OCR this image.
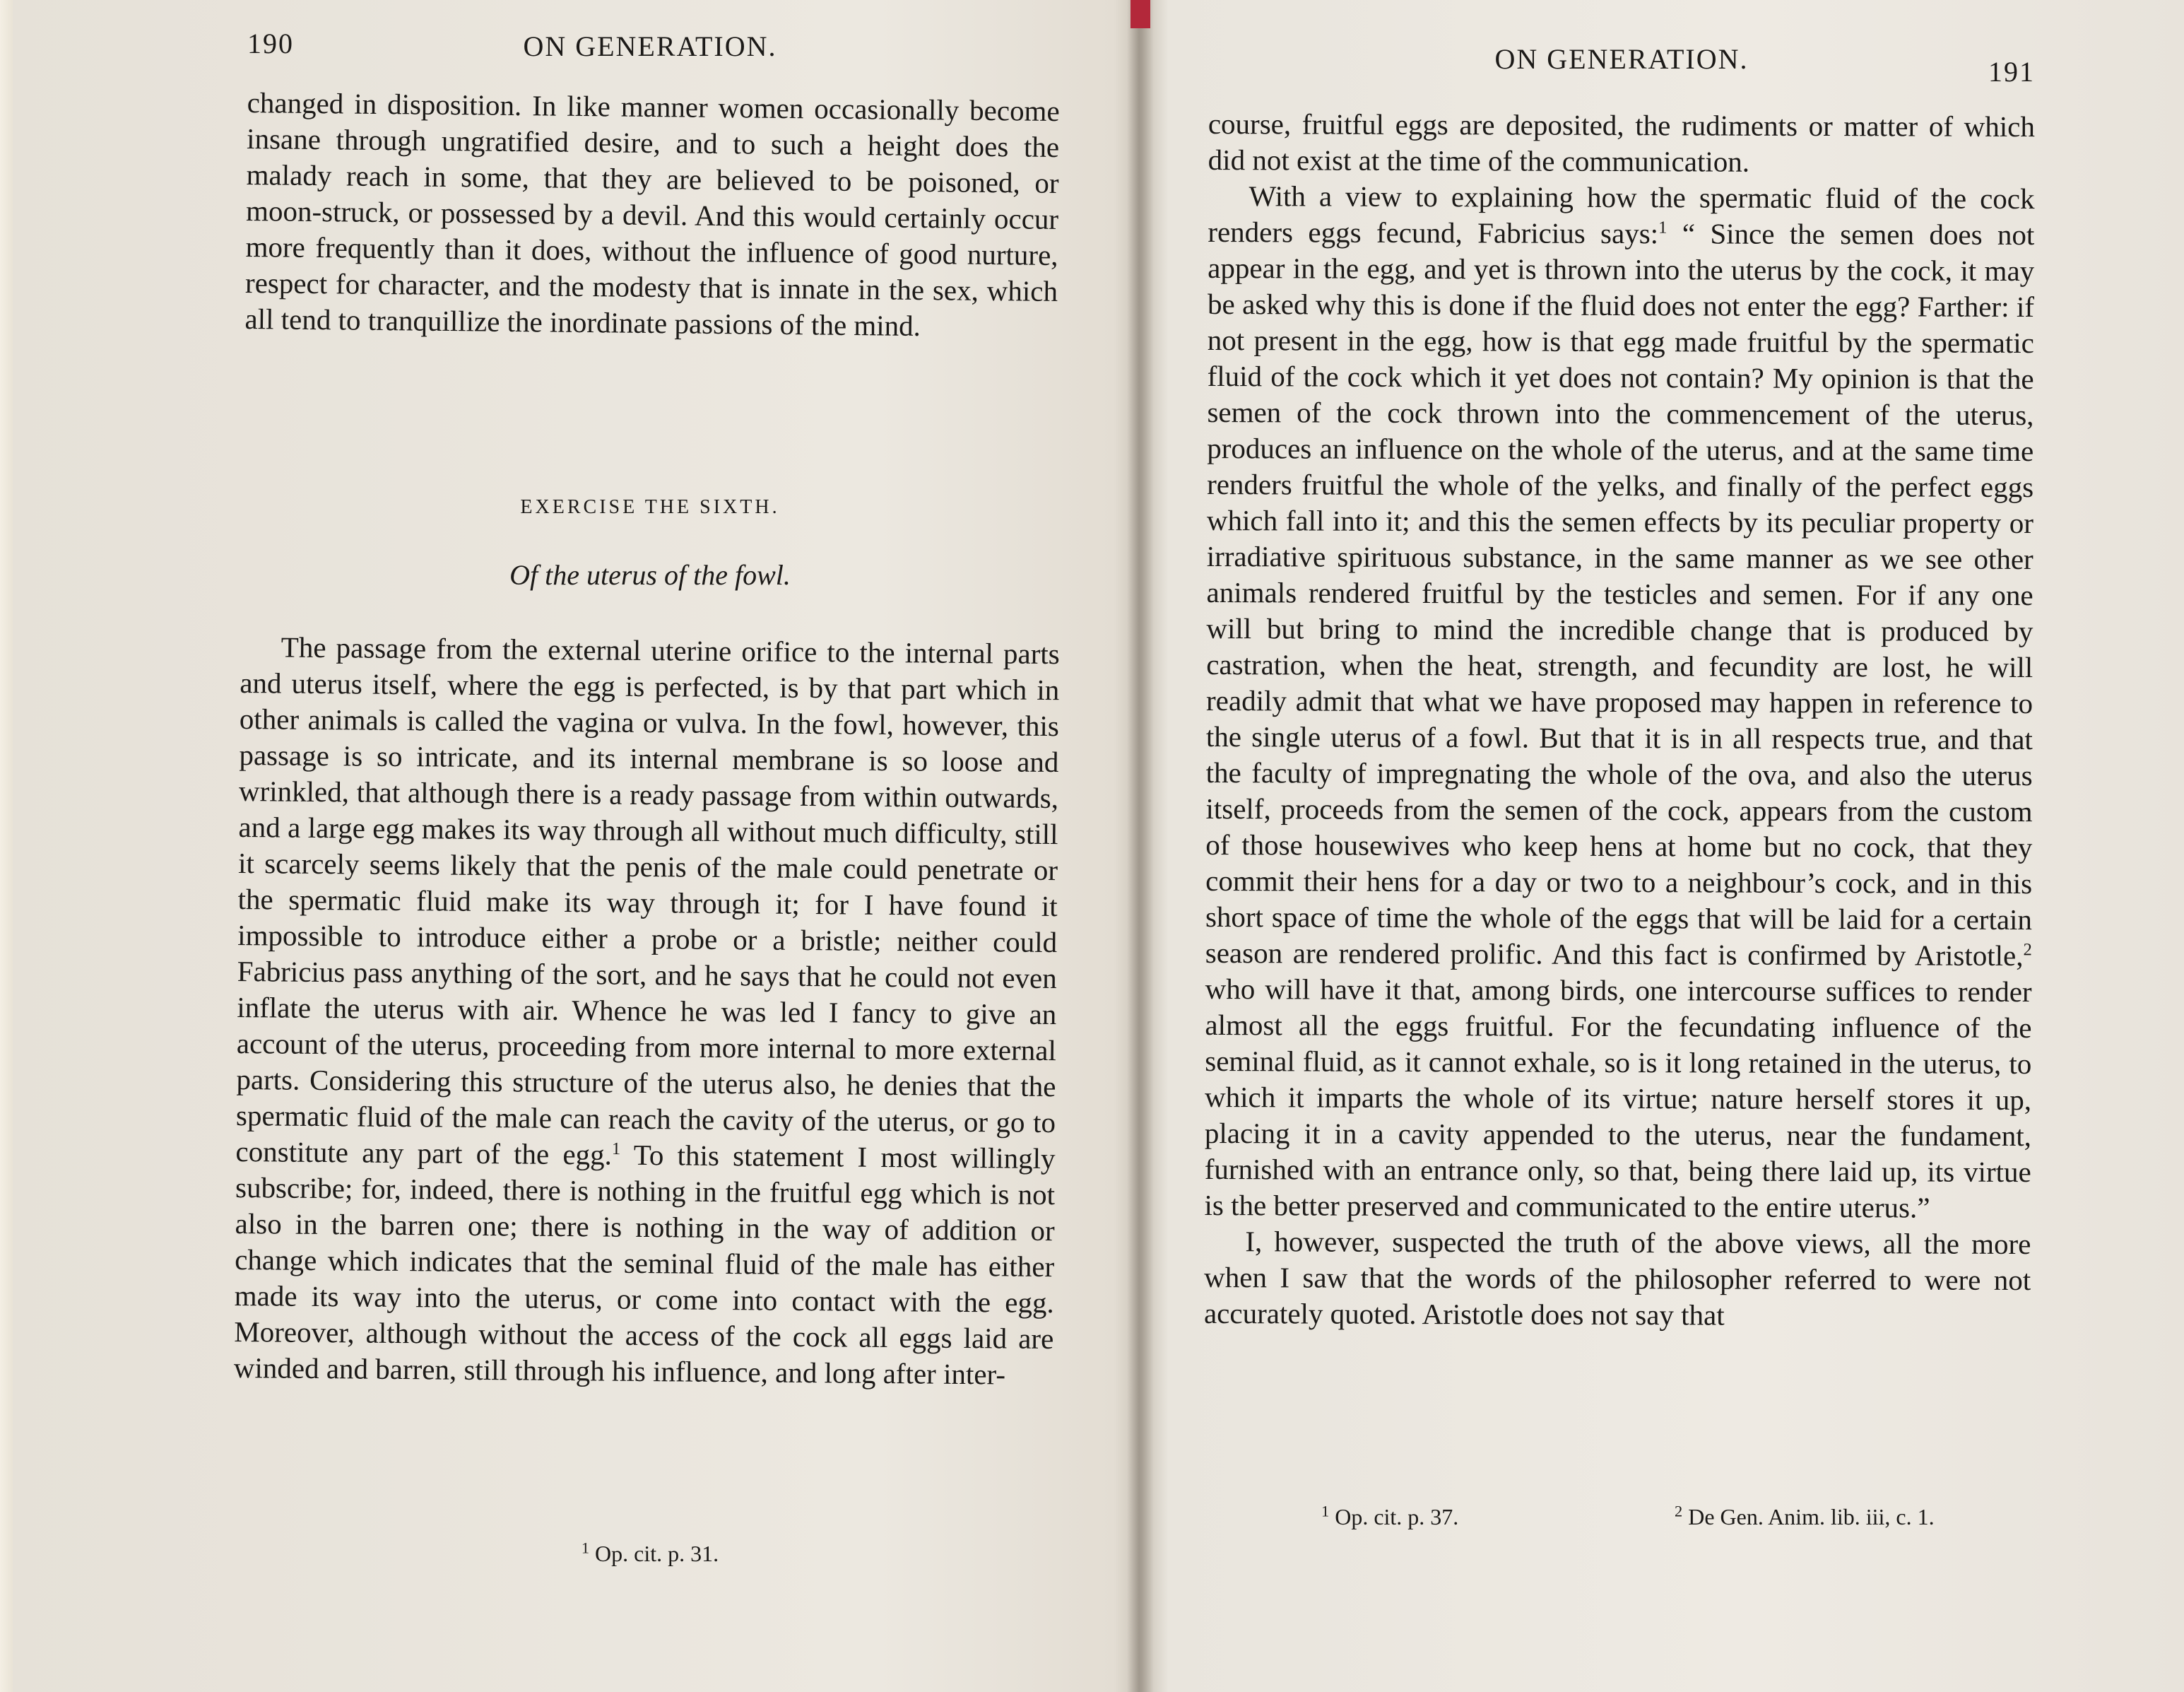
190	ON GENERATION.

changed in disposition. In like manner women occasionally become insane through ungratified desire, and to such a height does the malady reach in some, that they are believed to be poisoned, or moon-struck, or possessed by a devil. And this would certainly occur more frequently than it does, without the influence of good nurture, respect for character, and the modesty that is innate in the sex, which all tend to tranquillize the inordinate passions of the mind.

EXERCISE THE SIXTH.
Of the uterus of the fowl.

The passage from the external uterine orifice to the internal parts and uterus itself, where the egg is perfected, is by that part which in other animals is called the vagina or vulva. In the fowl, however, this passage is so intricate, and its internal membrane is so loose and wrinkled, that although there is a ready passage from within outwards, and a large egg makes its way through all without much difficulty, still it scarcely seems likely that the penis of the male could penetrate or the spermatic fluid make its way through it; for I have found it impossible to introduce either a probe or a bristle; neither could Fabricius pass anything of the sort, and he says that he could not even inflate the uterus with air. Whence he was led I fancy to give an account of the uterus, proceeding from more internal to more external parts. Considering this structure of the uterus also, he denies that the spermatic fluid of the male can reach the cavity of the uterus, or go to constitute any part of the egg.$^1$ To this statement I most willingly subscribe; for, indeed, there is nothing in the fruitful egg which is not also in the barren one; there is nothing in the way of addition or change which indicates that the seminal fluid of the male has either made its way into the uterus, or come into contact with the egg. Moreover, although without the access of the cock all eggs laid are winded and barren, still through his influence, and long after inter-

$^1$ Op. cit. p. 31.
ON GENERATION.	191

course, fruitful eggs are deposited, the rudiments or matter of which did not exist at the time of the communication.

With a view to explaining how the spermatic fluid of the cock renders eggs fecund, Fabricius says:$^1$ “ Since the semen does not appear in the egg, and yet is thrown into the uterus by the cock, it may be asked why this is done if the fluid does not enter the egg? Farther: if not present in the egg, how is that egg made fruitful by the spermatic fluid of the cock which it yet does not contain? My opinion is that the semen of the cock thrown into the commencement of the uterus, produces an influence on the whole of the uterus, and at the same time renders fruitful the whole of the yelks, and finally of the perfect eggs which fall into it; and this the semen effects by its peculiar property or irradiative spirituous substance, in the same manner as we see other animals rendered fruitful by the testicles and semen. For if any one will but bring to mind the incredible change that is produced by castration, when the heat, strength, and fecundity are lost, he will readily admit that what we have proposed may happen in reference to the single uterus of a fowl. But that it is in all respects true, and that the faculty of impregnating the whole of the ova, and also the uterus itself, proceeds from the semen of the cock, appears from the custom of those housewives who keep hens at home but no cock, that they commit their hens for a day or two to a neighbour’s cock, and in this short space of time the whole of the eggs that will be laid for a certain season are rendered prolific. And this fact is confirmed by Aristotle,$^2$ who will have it that, among birds, one intercourse suffices to render almost all the eggs fruitful. For the fecundating influence of the seminal fluid, as it cannot exhale, so is it long retained in the uterus, to which it imparts the whole of its virtue; nature herself stores it up, placing it in a cavity appended to the uterus, near the fundament, furnished with an entrance only, so that, being there laid up, its virtue is the better preserved and communicated to the entire uterus.”

I, however, suspected the truth of the above views, all the more when I saw that the words of the philosopher referred to were not accurately quoted. Aristotle does not say that

$^1$ Op. cit. p. 37.	$^2$ De Gen. Anim. lib. iii, c. 1.
